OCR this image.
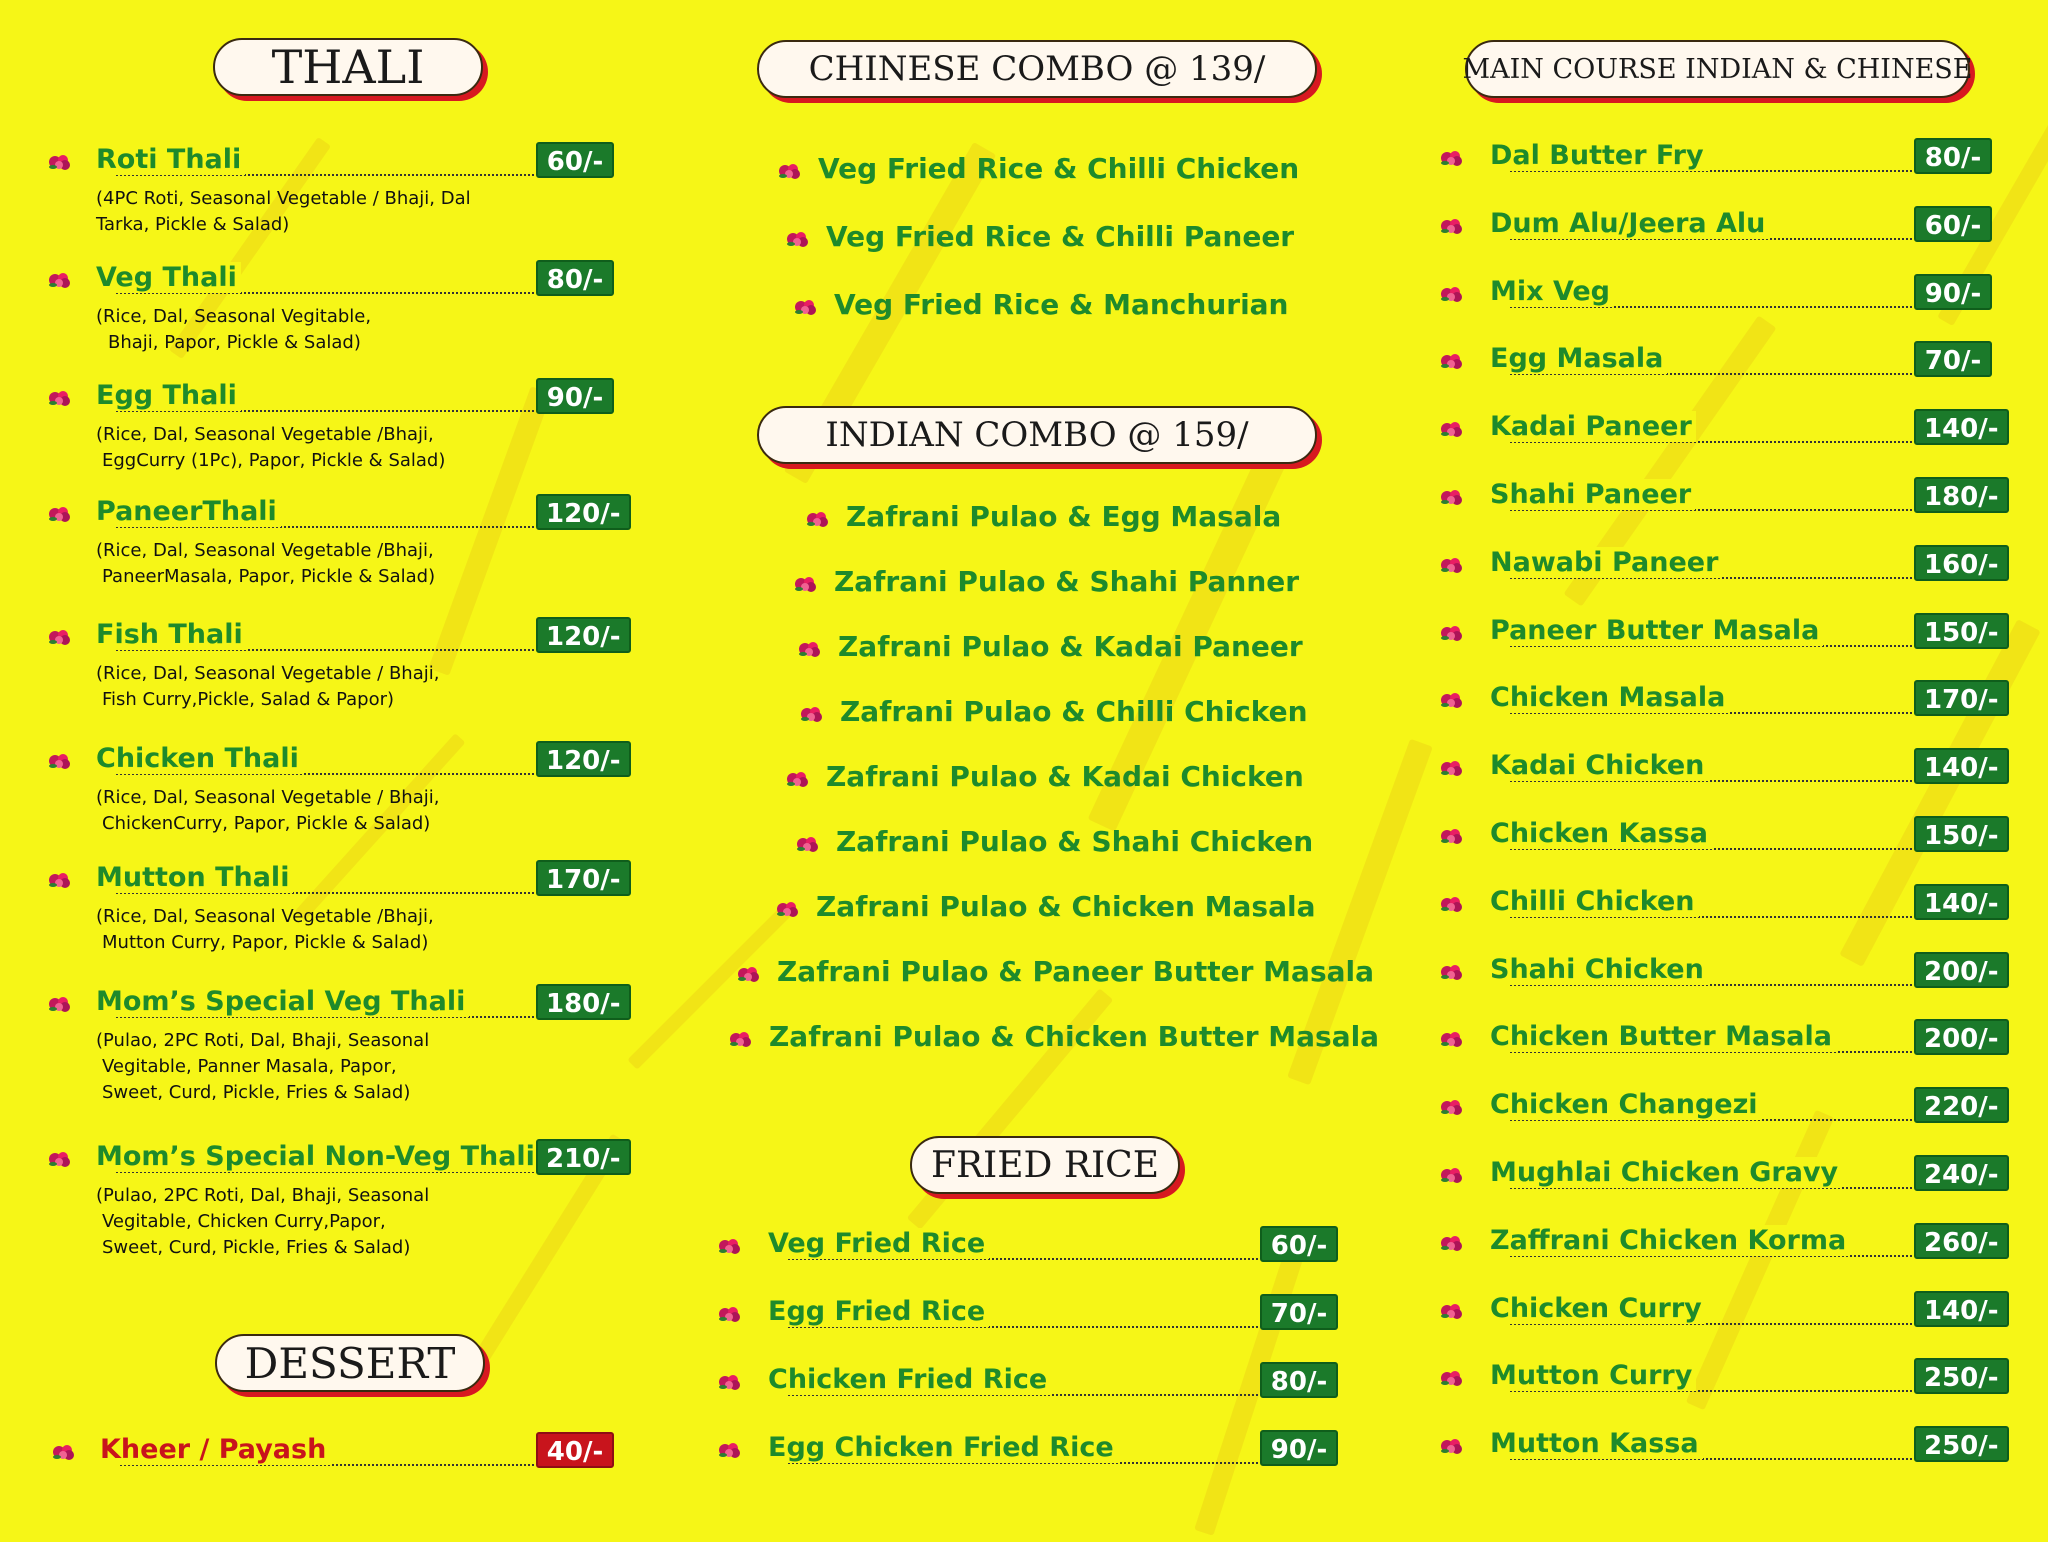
THALI
Roti Thali	60/-
(4PC Roti, Seasonal Vegetable / Bhaji, Dal
Tarka, Pickle & Salad)
Veg Thali	80/-
(Rice, Dal, Seasonal Vegitable,
Bhaji, Papor, Pickle & Salad)
Egg Thali	90/-
(Rice, Dal, Seasonal Vegetable /Bhaji,
EggCurry (1Pc), Papor, Pickle & Salad)
PaneerThali	120/-
(Rice, Dal, Seasonal Vegetable /Bhaji,
PaneerMasala, Papor, Pickle & Salad)
Fish Thali	120/-
(Rice, Dal, Seasonal Vegetable / Bhaji,
Fish Curry,Pickle, Salad & Papor)
Chicken Thali	120/-
(Rice, Dal, Seasonal Vegetable / Bhaji,
ChickenCurry, Papor, Pickle & Salad)
Mutton Thali	170/-
(Rice, Dal, Seasonal Vegetable /Bhaji,
Mutton Curry, Papor, Pickle & Salad)
Mom’s Special Veg Thali	180/-
(Pulao, 2PC Roti, Dal, Bhaji, Seasonal
Vegitable, Panner Masala, Papor,
Sweet, Curd, Pickle, Fries & Salad)
Mom’s Special Non-Veg Thali 210/-
(Pulao, 2PC Roti, Dal, Bhaji, Seasonal
Vegitable, Chicken Curry,Papor,
Sweet, Curd, Pickle, Fries & Salad)
DESSERT
Kheer / Payash	40/-
CHINESE COMBO @ 139/
Veg Fried Rice & Chilli Chicken
Veg Fried Rice & Chilli Paneer
Veg Fried Rice & Manchurian
INDIAN COMBO @ 159/
Zafrani Pulao & Egg Masala
Zafrani Pulao & Shahi Panner
Zafrani Pulao & Kadai Paneer
Zafrani Pulao & Chilli Chicken
Zafrani Pulao & Kadai Chicken
Zafrani Pulao & Shahi Chicken
Zafrani Pulao & Chicken Masala
Zafrani Pulao & Paneer Butter Masala
Zafrani Pulao & Chicken Butter Masala
FRIED RICE
Veg Fried Rice	60/-
Egg Fried Rice	70/-
Chicken Fried Rice	80/-
Egg Chicken Fried Rice	90/-
MAIN COURSE INDIAN & CHINESE
Dal Butter Fry	80/-
Dum Alu/Jeera Alu	60/-
Mix Veg	90/-
Egg Masala	70/-
Kadai Paneer	140/-
Shahi Paneer	180/-
Nawabi Paneer	160/-
Paneer Butter Masala	150/-
Chicken Masala	170/-
Kadai Chicken	140/-
Chicken Kassa	150/-
Chilli Chicken	140/-
Shahi Chicken	200/-
Chicken Butter Masala	200/-
Chicken Changezi	220/-
Mughlai Chicken Gravy	240/-
Zaffrani Chicken Korma	260/-
Chicken Curry	140/-
Mutton Curry	250/-
Mutton Kassa	250/-
